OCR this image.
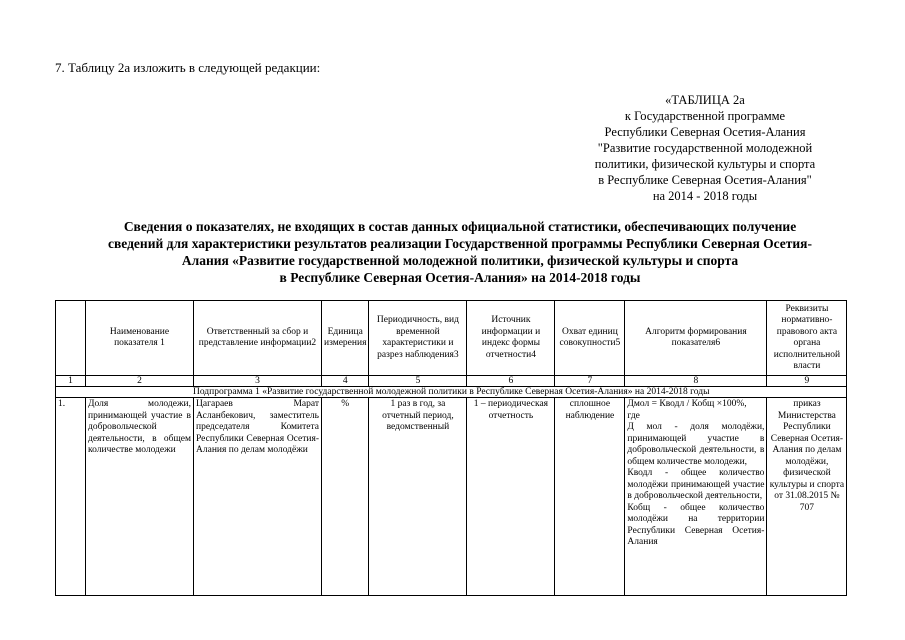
7. Таблицу 2а изложить в следующей редакции:
«ТАБЛИЦА 2а
к Государственной программе
Республики Северная Осетия-Алания
"Развитие государственной молодежной
политики, физической культуры и спорта
в Республике Северная Осетия-Алания"
на 2014 - 2018 годы
Сведения о показателях, не входящих в состав данных официальной статистики, обеспечивающих получение
сведений для характеристики результатов реализации Государственной программы Республики Северная Осетия-
Алания «Развитие государственной молодежной политики, физической культуры и спорта
в Республике Северная Осетия-Алания» на 2014-2018 годы
	Наименование показателя 1	Ответственный за сбор и представление информации2	Единица измерения	Периодичность, вид временной характеристики и разрез наблюдения3	Источник информации и индекс формы отчетности4	Охват единиц совокупности5	Алгоритм формирования показателя6	Реквизиты нормативно-правового акта органа исполнительной власти
1	2	3	4	5	6	7	8	9
Подпрограмма 1 «Развитие государственной молодежной политики в Республике Северная Осетия-Алания» на 2014-2018 годы								
1.	Доля молодежи, принимающей участие в добровольческой деятельности, в общем количестве молодежи	Цагараев Марат Асланбекович, заместитель председателя Комитета Республики Северная Осетия-Алания по делам молодёжи	%	1 раз в год, за отчетный период, ведомственный	1 – периодическая отчетность	сплошное наблюдение	Дмол = Кводл / Кобщ ×100%,
где
Д мол - доля молодёжи, принимающей участие в добровольческой деятельности, в общем количестве молодежи,
Кводл - общее количество молодёжи принимающей участие в добровольческой деятельности,
Кобщ - общее количество молодёжи на территории Республики Северная Осетия-Алания	приказ Министерства Республики Северная Осетия-Алания по делам молодёжи, физической культуры и спорта от 31.08.2015 № 707
